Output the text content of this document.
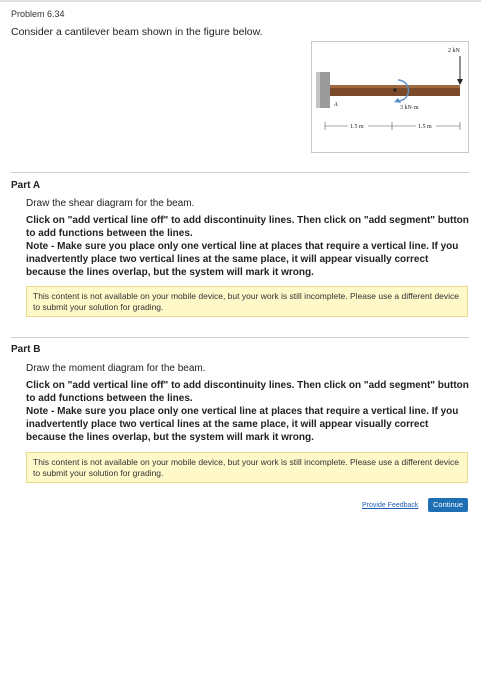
Problem 6.34
Consider a cantilever beam shown in the figure below.
A	3 kN·m
2 kN
1.5 m	1.5 m
Part A
Draw the shear diagram for the beam.
Click on "add vertical line off" to add discontinuity lines. Then click on "add segment" button to add functions between the lines.
Note - Make sure you place only one vertical line at places that require a vertical line. If you inadvertently place two vertical lines at the same place, it will appear visually correct because the lines overlap, but the system will mark it wrong.
This content is not available on your mobile device, but your work is still incomplete. Please use a different device to submit your solution for grading.
Part B
Draw the moment diagram for the beam.
Click on "add vertical line off" to add discontinuity lines. Then click on "add segment" button to add functions between the lines.
Note - Make sure you place only one vertical line at places that require a vertical line. If you inadvertently place two vertical lines at the same place, it will appear visually correct because the lines overlap, but the system will mark it wrong.
This content is not available on your mobile device, but your work is still incomplete. Please use a different device to submit your solution for grading.
Provide Feedback	Continue
